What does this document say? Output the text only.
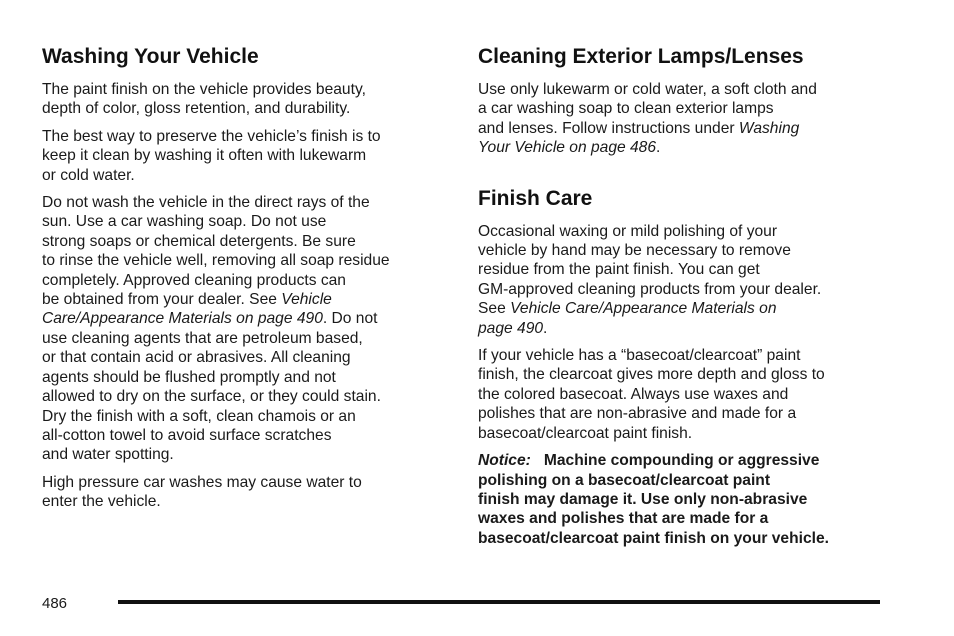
Washing Your Vehicle

The paint finish on the vehicle provides beauty,
depth of color, gloss retention, and durability.

The best way to preserve the vehicle’s finish is to
keep it clean by washing it often with lukewarm
or cold water.

Do not wash the vehicle in the direct rays of the
sun. Use a car washing soap. Do not use
strong soaps or chemical detergents. Be sure
to rinse the vehicle well, removing all soap residue
completely. Approved cleaning products can
be obtained from your dealer. See Vehicle
Care/Appearance Materials on page 490. Do not
use cleaning agents that are petroleum based,
or that contain acid or abrasives. All cleaning
agents should be flushed promptly and not
allowed to dry on the surface, or they could stain.
Dry the finish with a soft, clean chamois or an
all-cotton towel to avoid surface scratches
and water spotting.

High pressure car washes may cause water to
enter the vehicle.

Cleaning Exterior Lamps/Lenses

Use only lukewarm or cold water, a soft cloth and
a car washing soap to clean exterior lamps
and lenses. Follow instructions under Washing
Your Vehicle on page 486.

Finish Care

Occasional waxing or mild polishing of your
vehicle by hand may be necessary to remove
residue from the paint finish. You can get
GM-approved cleaning products from your dealer.
See Vehicle Care/Appearance Materials on
page 490.

If your vehicle has a “basecoat/clearcoat” paint
finish, the clearcoat gives more depth and gloss to
the colored basecoat. Always use waxes and
polishes that are non-abrasive and made for a
basecoat/clearcoat paint finish.

Notice: Machine compounding or aggressive
polishing on a basecoat/clearcoat paint
finish may damage it. Use only non-abrasive
waxes and polishes that are made for a
basecoat/clearcoat paint finish on your vehicle.

486
